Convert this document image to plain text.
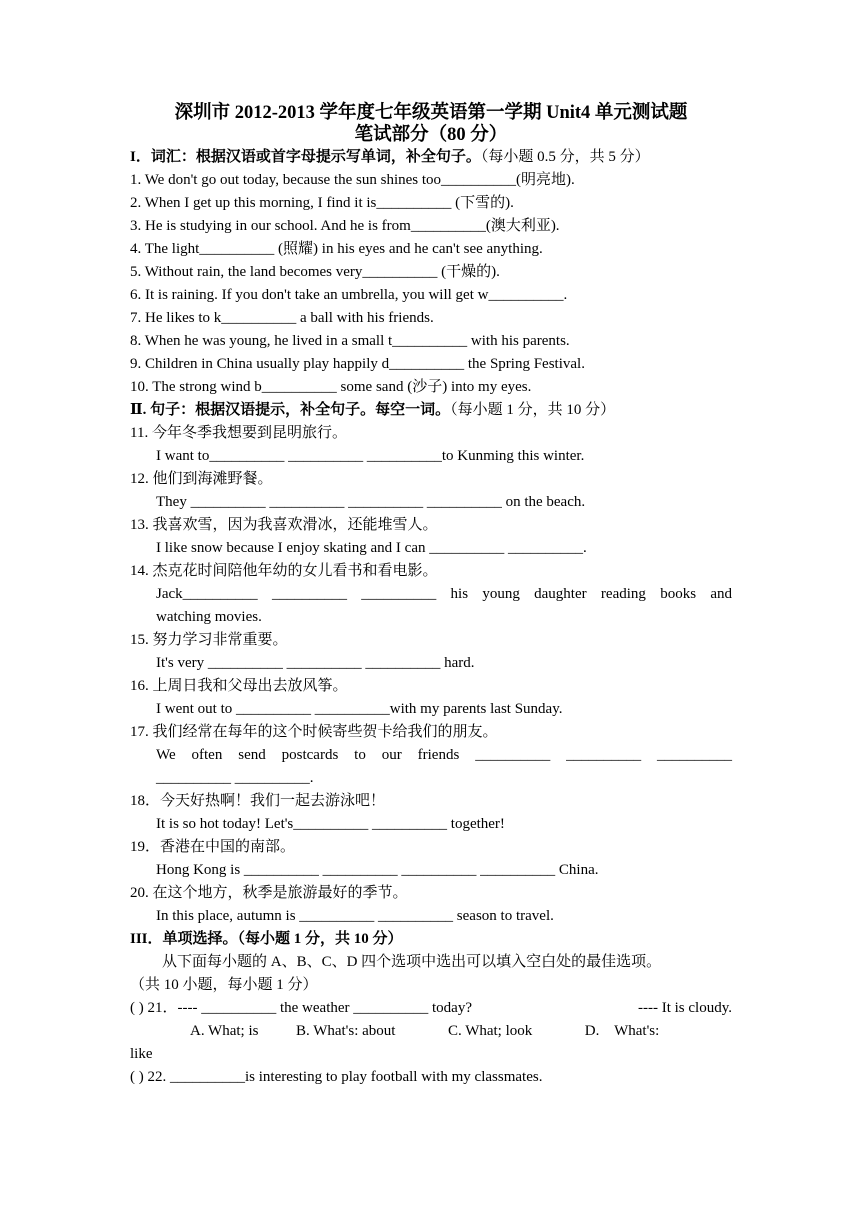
深圳市 2012-2013 学年度七年级英语第一学期 Unit4 单元测试题

笔试部分（80 分）

I．词汇：根据汉语或首字母提示写单词，补全句子。（每小题 0.5 分，共 5 分）
1. We don't go out today, because the sun shines too__________(明亮地).
2. When I get up this morning, I find it is__________ (下雪的).
3. He is studying in our school. And he is from__________(澳大利亚).
4. The light__________ (照耀) in his eyes and he can't see anything.
5. Without rain, the land becomes very__________ (干燥的).
6. It is raining. If you don't take an umbrella, you will get w__________.
7. He likes to k__________ a ball with his friends.
8. When he was young, he lived in a small t__________ with his parents.
9. Children in China usually play happily d__________ the Spring Festival.
10. The strong wind b__________ some sand (沙子) into my eyes.
Ⅱ. 句子：根据汉语提示，补全句子。每空一词。（每小题 1 分，共 10 分）
11. 今年冬季我想要到昆明旅行。
I want to__________ __________ __________to Kunming this winter.
12. 他们到海滩野餐。
They __________ __________ __________ __________ on the beach.
13. 我喜欢雪，因为我喜欢滑冰，还能堆雪人。
I like snow because I enjoy skating and I can __________ __________.
14. 杰克花时间陪他年幼的女儿看书和看电影。
Jack__________ __________ __________ his young daughter reading books and
watching movies.
15. 努力学习非常重要。
It's very __________ __________ __________ hard.
16. 上周日我和父母出去放风筝。
I went out to __________ __________with my parents last Sunday.
17. 我们经常在每年的这个时候寄些贺卡给我们的朋友。
We often send postcards to our friends __________ __________ __________
__________ __________.
18．今天好热啊！我们一起去游泳吧！
It is so hot today! Let's__________ __________ together!
19．香港在中国的南部。
Hong Kong is __________ __________ __________ __________ China.
20. 在这个地方，秋季是旅游最好的季节。
In this place, autumn is __________ __________ season to travel.
III．单项选择。（每小题 1 分，共 10 分）
从下面每小题的 A、B、C、D 四个选项中选出可以填入空白处的最佳选项。
（共 10 小题，每小题 1 分）
( ) 21．---- __________ the weather __________ today?	---- It is cloudy.
A. What; is          B. What's: about              C. What; look              D.    What's:
like
( ) 22. __________is interesting to play football with my classmates.
